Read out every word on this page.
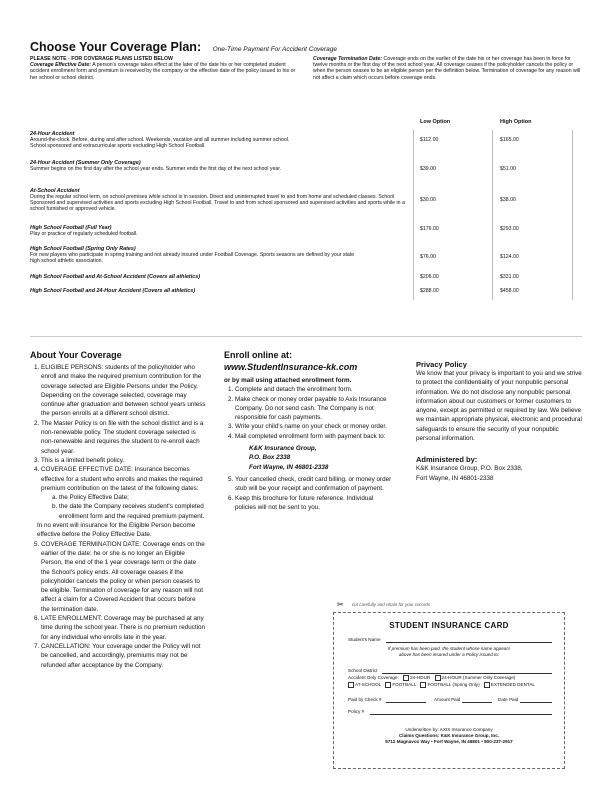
Choose Your Coverage Plan: One-Time Payment For Accident Coverage
PLEASE NOTE - FOR COVERAGE PLANS LISTED BELOW
Coverage Effective Date: A person's coverage takes effect at the later of the date his or her completed student accident enrollment form and premium is received by the company or the effective date of the policy issued to his or her school or school district.
Coverage Termination Date: Coverage ends on the earlier of the date his or her coverage has been in force for twelve months or the first day of the next school year. All coverage ceases if the policyholder cancels the policy or when the person ceases to be an eligible person per the definition below. Termination of coverage for any reason will not affect a claim which occurs before coverage ends.
Low Option	High Option
24-Hour Accident
Around-the-clock. Before, during and after school. Weekends, vacation and all summer including summer school. School sponsored and extracurricular sports excluding High School Football.
$112.00	$165.00
24-Hour Accident (Summer Only Coverage)
Summer begins on the first day after the school year ends. Summer ends the first day of the next school year.	$39.00	$51.00
At-School Accident
During the regular school term, on school premises while school is in session. Direct and uninterrupted travel to and from home and scheduled classes. School Sponsored and supervised activities and sports excluding High School Football. Travel to and from school sponsored and supervised activities and sports while in a school furnished or approved vehicle.
$30.00	$38.00
High School Football (Full Year)
Play or practice of regularly scheduled football.
$176.00	$293.00
High School Football (Spring Only Rates)
For new players who participate in spring training and not already insured under Football Coverage. Sports seasons are defined by your state high school athletic association.
$76.00	$124.00
High School Football and At-School Accident (Covers all athletics)	$206.00	$331.00
High School Football and 24-Hour Accident (Covers all athletics)	$288.00	$458.00
About Your Coverage
1. ELIGIBLE PERSONS: students of the policyholder who enroll and make the required premium contribution for the coverage selected are Eligible Persons under the Policy. Depending on the coverage selected, coverage may continue after graduation and between school years unless the person enrolls at a different school district.
2. The Master Policy is on file with the school district and is a non-renewable policy. The student coverage selected is non-renewable and requires the student to re-enroll each school year.
3. This is a limited benefit policy.
4. COVERAGE EFFECTIVE DATE: Insurance becomes effective for a student who enrolls and makes the required premium contribution on the latest of the following dates:
a. the Policy Effective Date;
b. the date the Company receives student's completed enrollment form and the required premium payment.
In no event will insurance for the Eligible Person become effective before the Policy Effective Date.
5. COVERAGE TERMINATION DATE: Coverage ends on the earlier of the date: he or she is no longer an Eligible Person, the end of the 1 year coverage term or the date the School's policy ends. All coverage ceases if the policyholder cancels the policy or when person ceases to be eligible. Termination of coverage for any reason will not affect a claim for a Covered Accident that occurs before the termination date.
6. LATE ENROLLMENT: Coverage may be purchased at any time during the school year. There is no premium reduction for any individual who enrolls late in the year.
7. CANCELLATION: Your coverage under the Policy will not be cancelled, and accordingly, premiums may not be refunded after acceptance by the Company.
Enroll online at:
www.StudentInsurance-kk.com
or by mail using attached enrollment form.
1. Complete and detach the enrollment form.
2. Make check or money order payable to Axis Insurance Company. Do not send cash. The Company is not responsible for cash payments.
3. Write your child's name on your check or money order.
4. Mail completed enrollment form with payment back to:
K&K Insurance Group,
P.O. Box 2338
Fort Wayne, IN 46801-2338
5. Your cancelled check, credit card billing, or money order stub will be your receipt and confirmation of payment.
6. Keep this brochure for future reference. Individual policies will not be sent to you.
Privacy Policy
We know that your privacy is important to you and we strive to protect the confidentiality of your nonpublic personal information. We do not disclose any nonpublic personal information about our customers or former customers to anyone, except as permitted or required by law. We believe we maintain appropriate physical, electronic and procedural safeguards to ensure the security of your nonpublic personal information.
Administered by:
K&K Insurance Group, P.O. Box 2338,
Fort Wayne, IN 46801-2338
✂ cut carefully and retain for your records
STUDENT INSURANCE CARD
Student's Name
If premium has been paid, the student whose name appears
above has been insured under a Policy issued to:
School District
Accident Only Coverage: 24-HOUR 24-HOUR (Summer Only Coverage)
AT-SCHOOL FOOTBALL FOOTBALL (Spring Only) EXTENDED DENTAL
Paid by Check #	Amount Paid	Date Paid
Policy #
Underwritten by: AXIS Insurance Company
Claims Questions: K&K Insurance Group, Inc.
5712 Magnavox Way • Fort Wayne, IN 46801 • 800-237-2917
